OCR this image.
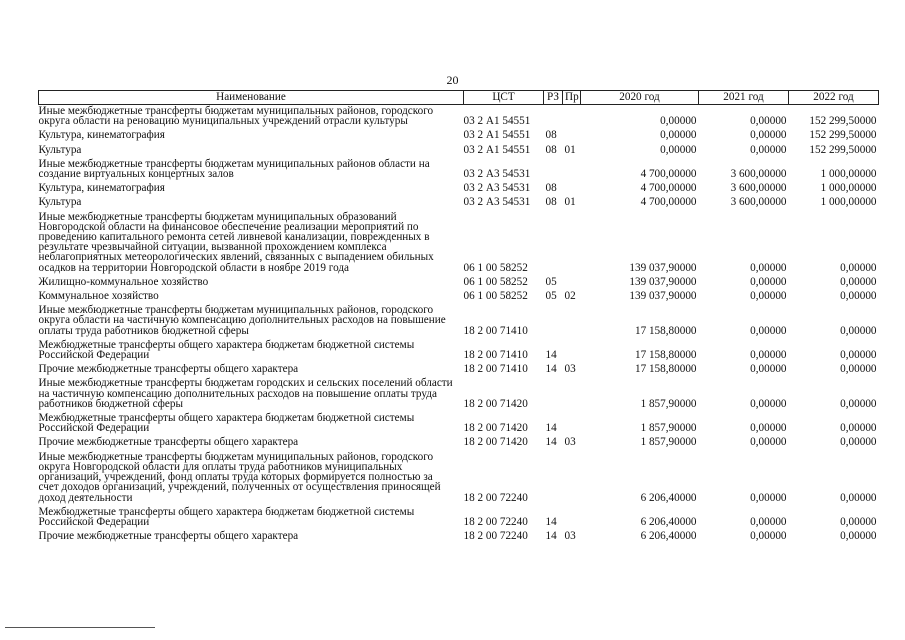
20
Наименование	ЦСТ	РЗ	Пр	2020 год	2021 год	2022 год
Иные межбюджетные трансферты бюджетам муниципальных районов, городского округа области на реновацию муниципальных учреждений отрасли культуры	03 2 А1 54551			0,00000	0,00000	152 299,50000
Культура, кинематография	03 2 А1 54551	08		0,00000	0,00000	152 299,50000
Культура	03 2 А1 54551	08	01	0,00000	0,00000	152 299,50000
Иные межбюджетные трансферты бюджетам муниципальных районов области на создание виртуальных концертных залов	03 2 А3 54531			4 700,00000	3 600,00000	1 000,00000
Культура, кинематография	03 2 А3 54531	08		4 700,00000	3 600,00000	1 000,00000
Культура	03 2 А3 54531	08	01	4 700,00000	3 600,00000	1 000,00000
Иные межбюджетные трансферты бюджетам муниципальных образований Новгородской области на финансовое обеспечение реализации мероприятий по проведению капитального ремонта сетей ливневой канализации, поврежденных в результате чрезвычайной ситуации, вызванной прохождением комплекса неблагоприятных метеорологических явлений, связанных с выпадением обильных осадков на территории Новгородской области в ноябре 2019 года	06 1 00 58252			139 037,90000	0,00000	0,00000
Жилищно-коммунальное хозяйство	06 1 00 58252	05		139 037,90000	0,00000	0,00000
Коммунальное хозяйство	06 1 00 58252	05	02	139 037,90000	0,00000	0,00000
Иные межбюджетные трансферты бюджетам муниципальных районов, городского округа области на частичную компенсацию дополнительных расходов на повышение оплаты труда работников бюджетной сферы	18 2 00 71410			17 158,80000	0,00000	0,00000
Межбюджетные трансферты общего характера бюджетам бюджетной системы Российской Федерации	18 2 00 71410	14		17 158,80000	0,00000	0,00000
Прочие межбюджетные трансферты общего характера	18 2 00 71410	14	03	17 158,80000	0,00000	0,00000
Иные межбюджетные трансферты бюджетам городских и сельских поселений области на частичную компенсацию дополнительных расходов на повышение оплаты труда работников бюджетной сферы	18 2 00 71420			1 857,90000	0,00000	0,00000
Межбюджетные трансферты общего характера бюджетам бюджетной системы Российской Федерации	18 2 00 71420	14		1 857,90000	0,00000	0,00000
Прочие межбюджетные трансферты общего характера	18 2 00 71420	14	03	1 857,90000	0,00000	0,00000
Иные межбюджетные трансферты бюджетам муниципальных районов, городского округа Новгородской области для оплаты труда работников муниципальных организаций, учреждений, фонд оплаты труда которых формируется полностью за счет доходов организаций, учреждений, полученных от осуществления приносящей доход деятельности	18 2 00 72240			6 206,40000	0,00000	0,00000
Межбюджетные трансферты общего характера бюджетам бюджетной системы Российской Федерации	18 2 00 72240	14		6 206,40000	0,00000	0,00000
Прочие межбюджетные трансферты общего характера	18 2 00 72240	14	03	6 206,40000	0,00000	0,00000
